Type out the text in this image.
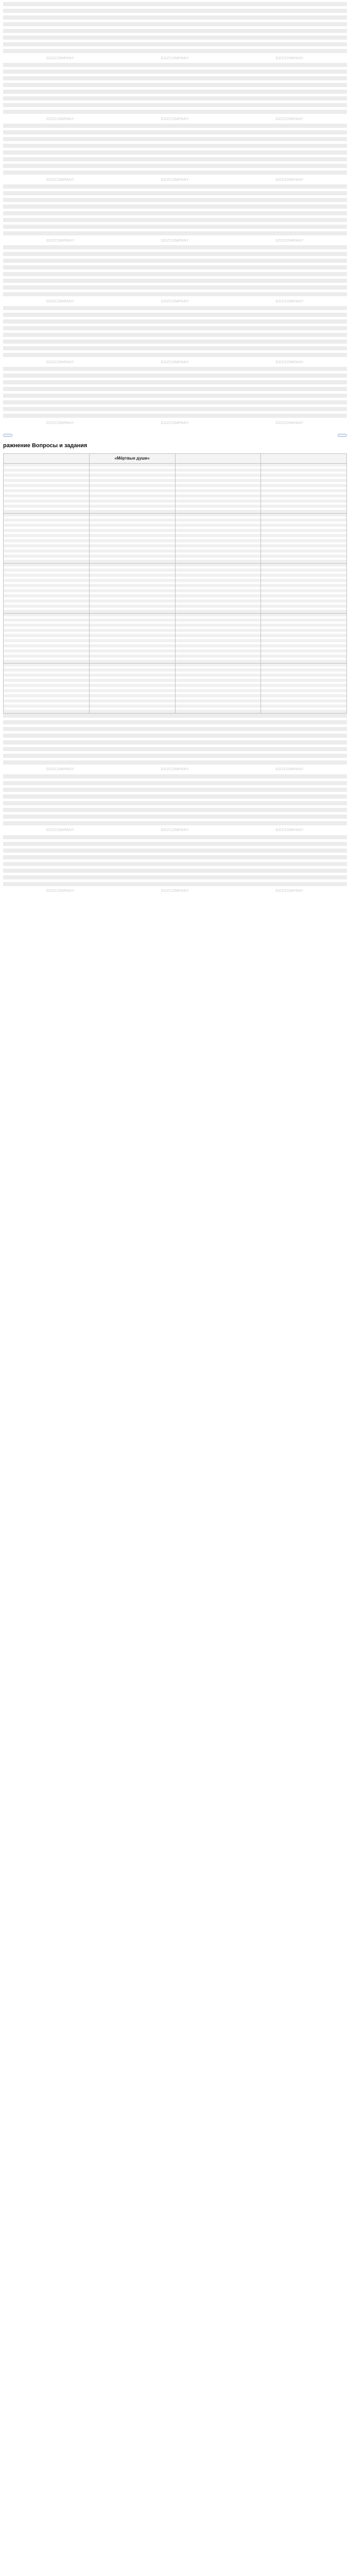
GDZCOMPANY	GDZCOMPANY	GDZCOMPANY

GDZCOMPANY	GDZCOMPANY	GDZCOMPANY

GDZCOMPANY	GDZCOMPANY	GDZCOMPANY

GDZCOMPANY	GDZCOMPANY	GDZCOMPANY

GDZCOMPANY	GDZCOMPANY	GDZCOMPANY

GDZCOMPANY	GDZCOMPANY	GDZCOMPANY

GDZCOMPANY	GDZCOMPANY	GDZCOMPANY
ражнение Вопросы и задания
	«Мёртвые души»		

GDZCOMPANY	GDZCOMPANY	GDZCOMPANY

GDZCOMPANY	GDZCOMPANY	GDZCOMPANY

GDZCOMPANY	GDZCOMPANY	GDZCOMPANY
